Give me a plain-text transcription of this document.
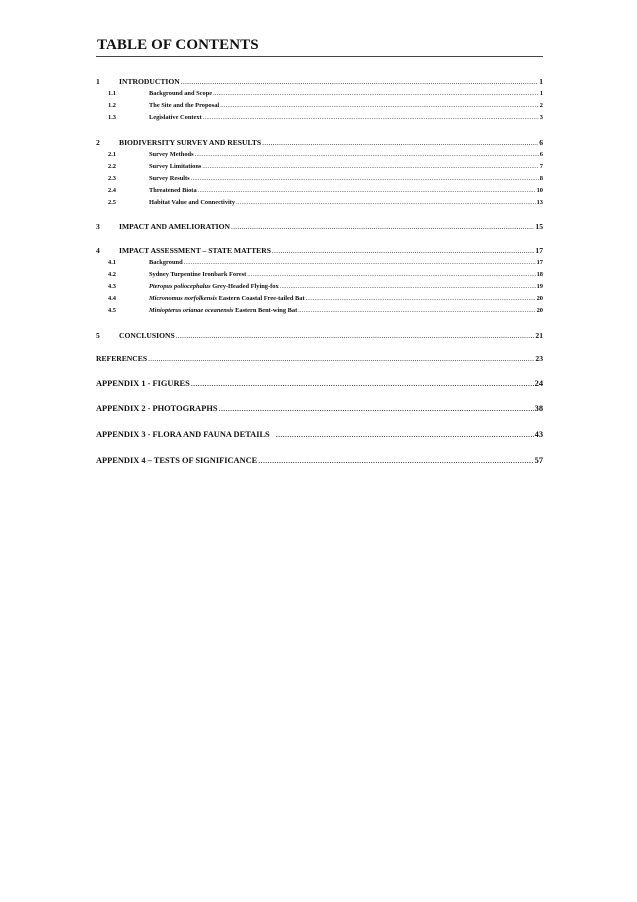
TABLE OF CONTENTS
1	INTRODUCTION .....	1
1.1	Background and Scope .....	1
1.2	The Site and the Proposal .....	2
1.3	Legislative Context .....	3
2	BIODIVERSITY SURVEY AND RESULTS .....	6
2.1	Survey Methods .....	6
2.2	Survey Limitations .....	7
2.3	Survey Results .....	8
2.4	Threatened Biota .....	10
2.5	Habitat Value and Connectivity .....	13
3	IMPACT AND AMELIORATION .....	15
4	IMPACT ASSESSMENT – STATE MATTERS .....	17
4.1	Background .....	17
4.2	Sydney Turpentine Ironbark Forest .....	18
4.3	Pteropus poliocephalus Grey-Headed Flying-fox .....	19
4.4	Micronomus norfolkensis Eastern Coastal Free-tailed Bat .....	20
4.5	Miniopterus orianae oceanensis Eastern Bent-wing Bat .....	20
5	CONCLUSIONS .....	21
REFERENCES .....	23
APPENDIX 1 - FIGURES .....	24
APPENDIX 2 - PHOTOGRAPHS .....	38
APPENDIX 3 - FLORA AND FAUNA DETAILS .....	43
APPENDIX 4 – TESTS OF SIGNIFICANCE .....	57
